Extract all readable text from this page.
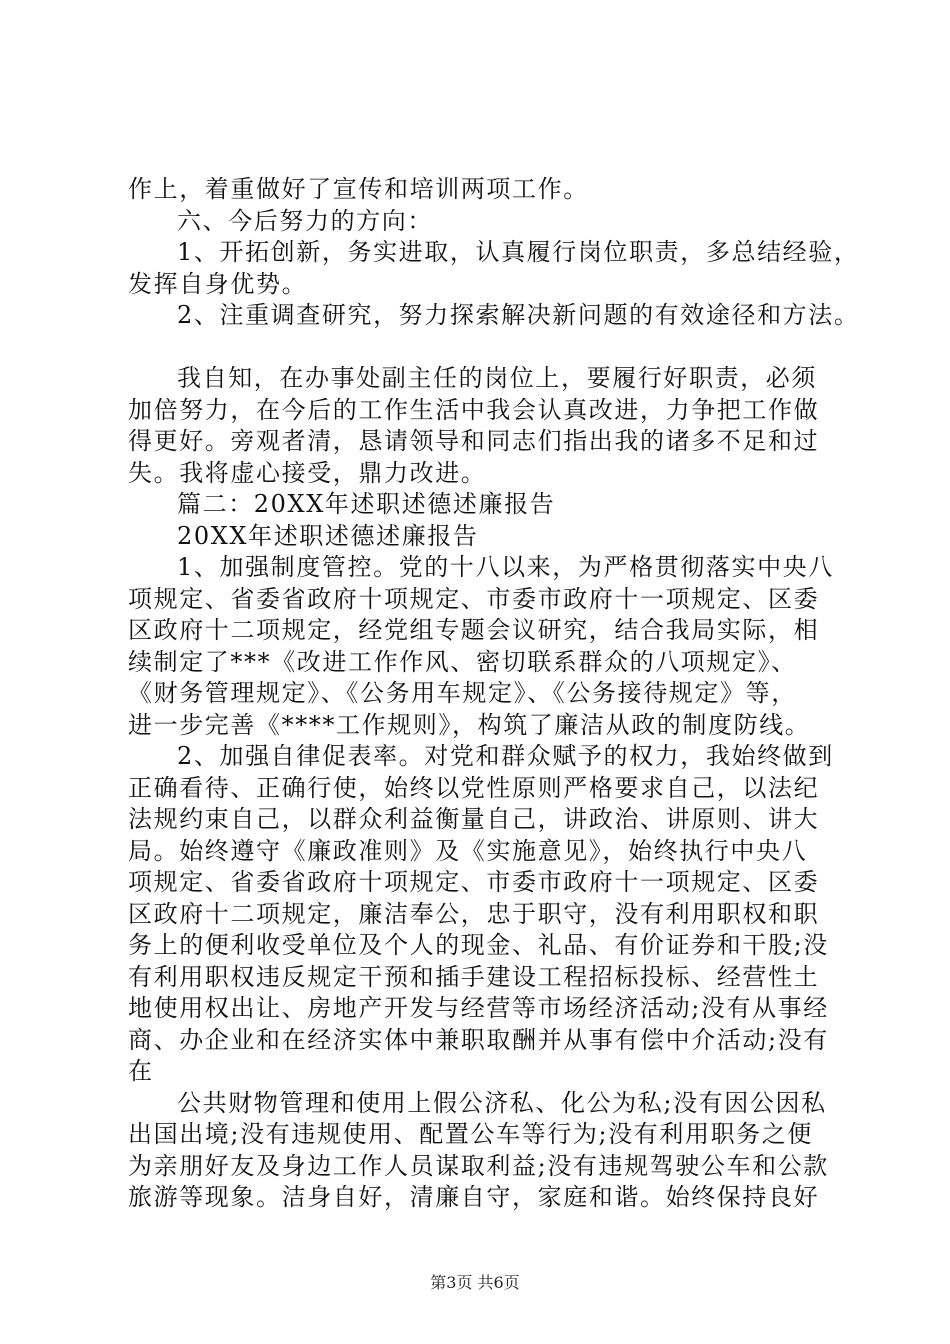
作上，着重做好了宣传和培训两项工作。
六、今后努力的方向：
1、开拓创新，务实进取，认真履行岗位职责，多总结经验，
发挥自身优势。
2、注重调查研究，努力探索解决新问题的有效途径和方法。
我自知，在办事处副主任的岗位上，要履行好职责，必须
加倍努力，在今后的工作生活中我会认真改进，力争把工作做
得更好。旁观者清，恳请领导和同志们指出我的诸多不足和过
失。我将虚心接受，鼎力改进。
篇二：20XX年述职述德述廉报告
20XX年述职述德述廉报告
1、加强制度管控。党的十八以来，为严格贯彻落实中央八
项规定、省委省政府十项规定、市委市政府十一项规定、区委
区政府十二项规定，经党组专题会议研究，结合我局实际，相
续制定了***《改进工作作风、密切联系群众的八项规定》、
《财务管理规定》、《公务用车规定》、《公务接待规定》等，
进一步完善《****工作规则》，构筑了廉洁从政的制度防线。
2、加强自律促表率。对党和群众赋予的权力，我始终做到
正确看待、正确行使，始终以党性原则严格要求自己，以法纪
法规约束自己，以群众利益衡量自己，讲政治、讲原则、讲大
局。始终遵守《廉政准则》及《实施意见》，始终执行中央八
项规定、省委省政府十项规定、市委市政府十一项规定、区委
区政府十二项规定，廉洁奉公，忠于职守，没有利用职权和职
务上的便利收受单位及个人的现金、礼品、有价证券和干股;没
有利用职权违反规定干预和插手建设工程招标投标、经营性土
地使用权出让、房地产开发与经营等市场经济活动;没有从事经
商、办企业和在经济实体中兼职取酬并从事有偿中介活动;没有
在
公共财物管理和使用上假公济私、化公为私;没有因公因私
出国出境;没有违规使用、配置公车等行为;没有利用职务之便
为亲朋好友及身边工作人员谋取利益;没有违规驾驶公车和公款
旅游等现象。洁身自好，清廉自守，家庭和谐。始终保持良好
第3页 共6页
